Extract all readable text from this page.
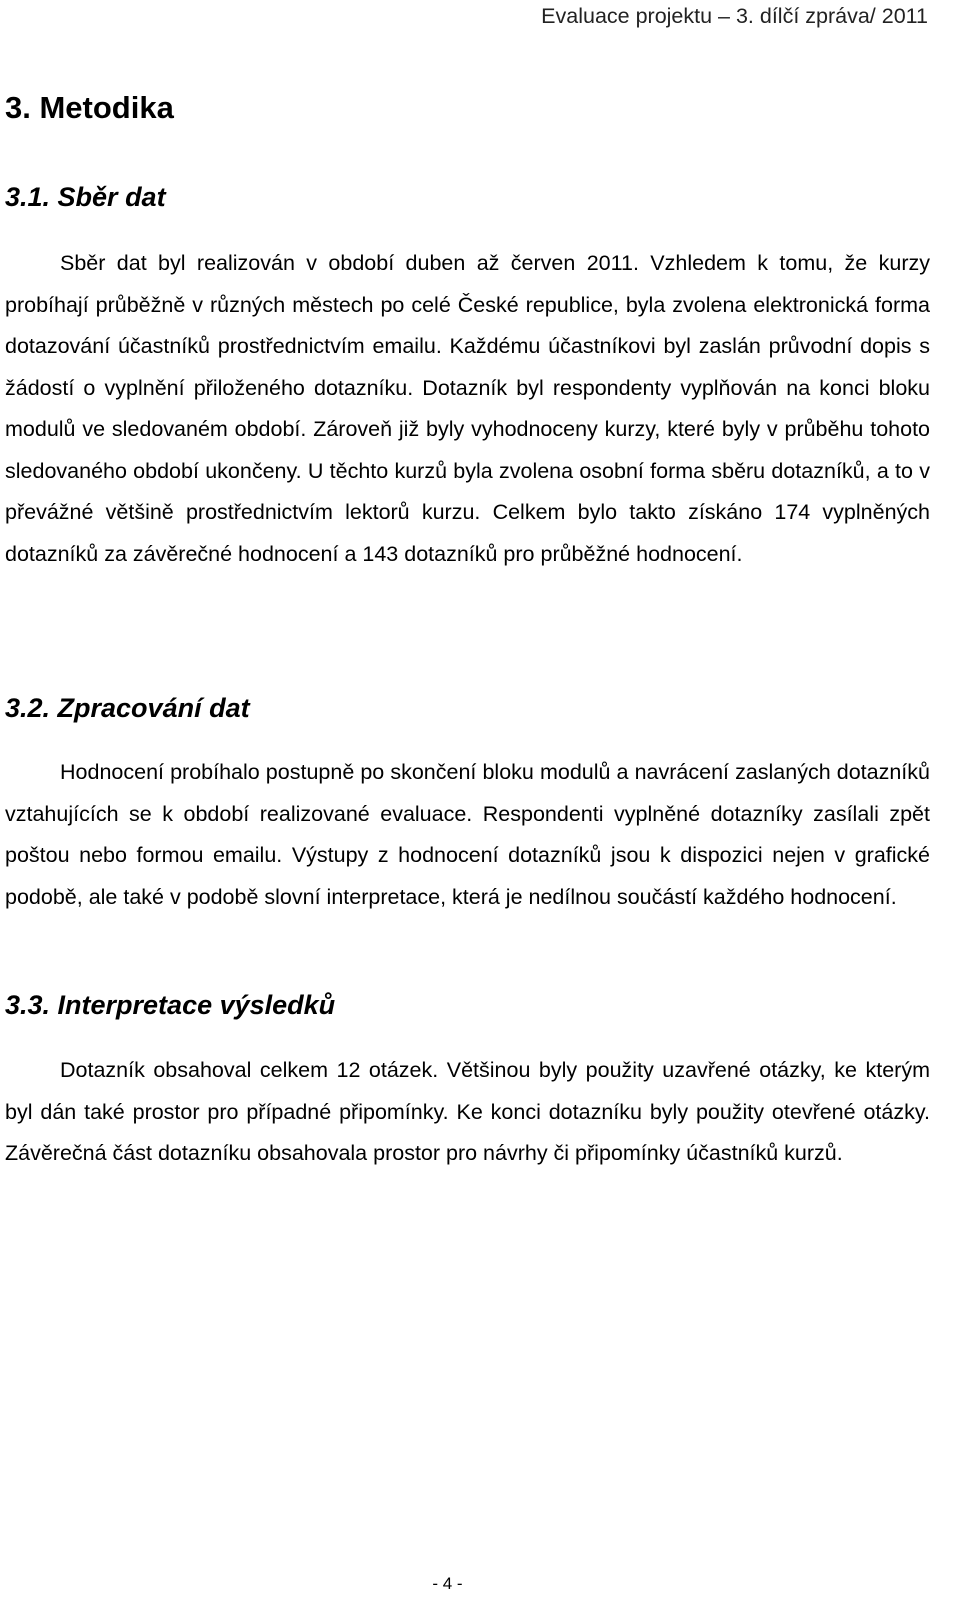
Evaluace projektu – 3. dílčí zpráva/ 2011
3. Metodika
3.1. Sběr dat

Sběr dat byl realizován v období duben až červen 2011. Vzhledem k tomu, že kurzy probíhají průběžně v různých městech po celé České republice, byla zvolena elektronická forma dotazování účastníků prostřednictvím emailu. Každému účastníkovi byl zaslán průvodní dopis s žádostí o vyplnění přiloženého dotazníku. Dotazník byl respondenty vyplňován na konci bloku modulů ve sledovaném období. Zároveň již byly vyhodnoceny kurzy, které byly v průběhu tohoto sledovaného období ukončeny. U těchto kurzů byla zvolena osobní forma sběru dotazníků, a to v převážné většině prostřednictvím lektorů kurzu. Celkem bylo takto získáno 174 vyplněných dotazníků za závěrečné hodnocení a 143 dotazníků pro průběžné hodnocení.

3.2. Zpracování dat

Hodnocení probíhalo postupně po skončení bloku modulů a navrácení zaslaných dotazníků vztahujících se k období realizované evaluace. Respondenti vyplněné dotazníky zasílali zpět poštou nebo formou emailu. Výstupy z hodnocení dotazníků jsou k dispozici nejen v grafické podobě, ale také v podobě slovní interpretace, která je nedílnou součástí každého hodnocení.

3.3. Interpretace výsledků

Dotazník obsahoval celkem 12 otázek. Většinou byly použity uzavřené otázky, ke kterým byl dán také prostor pro případné připomínky. Ke konci dotazníku byly použity otevřené otázky. Závěrečná část dotazníku obsahovala prostor pro návrhy či připomínky účastníků kurzů.

- 4 -
